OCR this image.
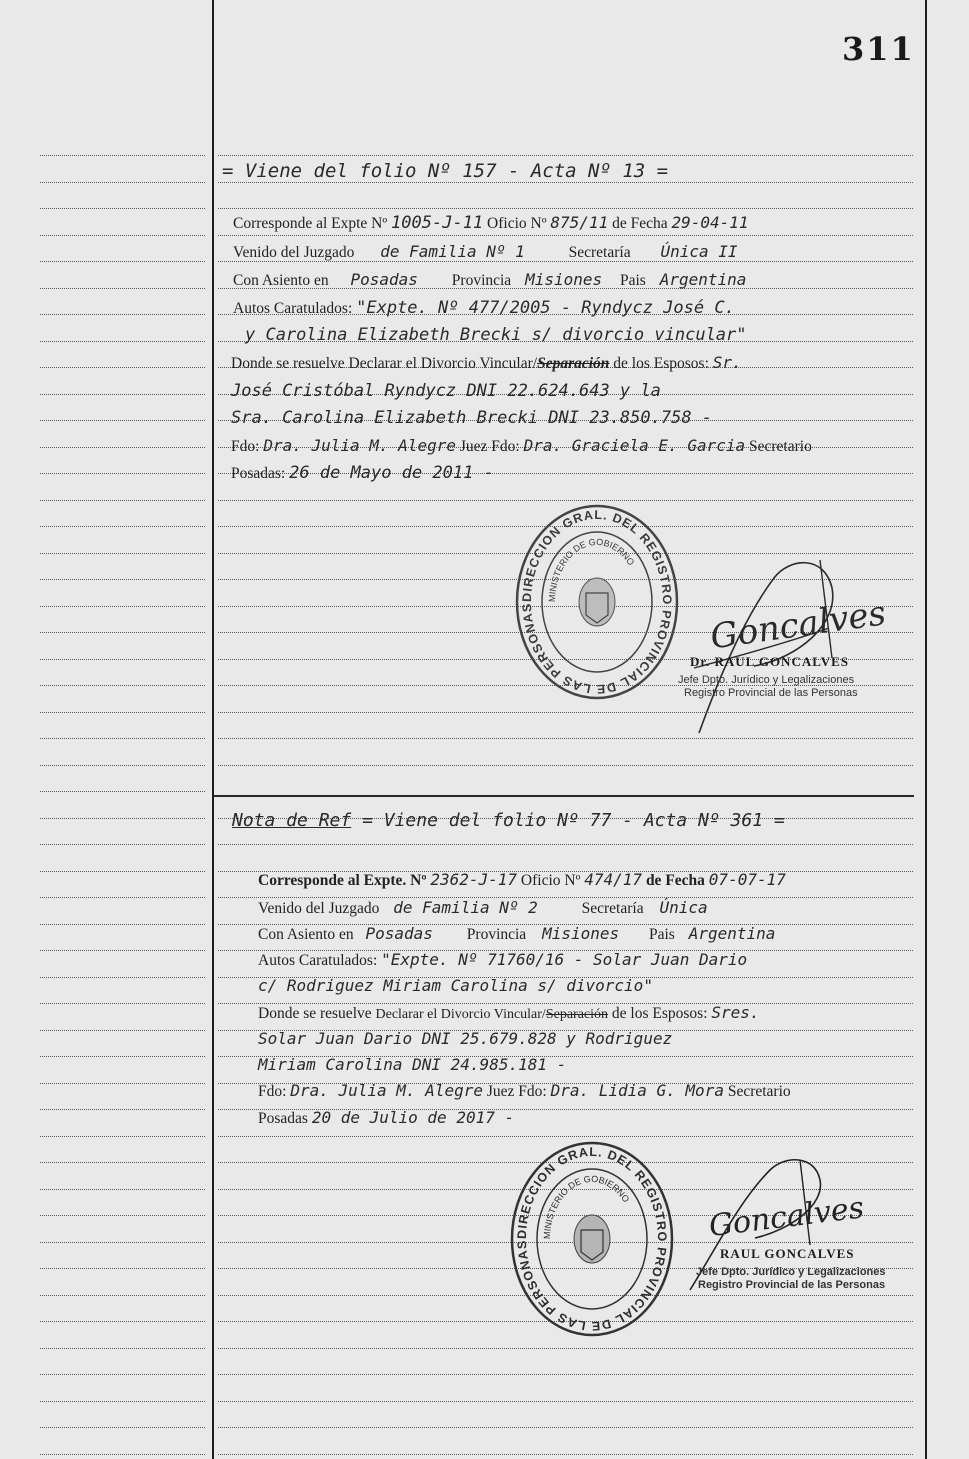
311
= Viene del folio Nº 157 - Acta Nº 13 =
Corresponde al Expte Nº 1005-J-11 Oficio Nº 875/11 de Fecha 29-04-11
Venido del Juzgado de Familia Nº 1	Secretaría Única II
Con Asiento en Posadas Provincia Misiones Pais Argentina
Autos Caratulados: "Expte. Nº 477/2005 - Ryndycz José C.
y Carolina Elizabeth Brecki s/ divorcio vincular"
Donde se resuelve Declarar el Divorcio Vincular/Separación de los Esposos: Sr.
José Cristóbal Ryndycz DNI 22.624.643 y la
Sra. Carolina Elizabeth Brecki DNI 23.850.758 -
Fdo: Dra. Julia M. Alegre Juez Fdo: Dra. Graciela E. Garcia Secretario
Posadas: 26 de Mayo de 2011 -
DIRECCION GRAL. DEL REGISTRO PROVINCIAL DE LAS PERSONAS
MINISTERIO DE GOBIERNO
Goncalves
Dr. RAUL GONCALVES
Jefe Dpto. Jurídico y Legalizaciones
Registro Provincial de las Personas
Nota de Ref = Viene del folio Nº 77 - Acta Nº 361 =
Corresponde al Expte. Nº 2362-J-17 Oficio Nº 474/17 de Fecha 07-07-17
Venido del Juzgado de Familia Nº 2	Secretaría Única
Con Asiento en Posadas Provincia Misiones Pais Argentina
Autos Caratulados: "Expte. Nº 71760/16 - Solar Juan Dario
c/ Rodriguez Miriam Carolina s/ divorcio"
Donde se resuelve Declarar el Divorcio Vincular/Separación de los Esposos: Sres.
Solar Juan Dario DNI 25.679.828 y Rodriguez
Miriam Carolina DNI 24.985.181 -
Fdo: Dra. Julia M. Alegre Juez Fdo: Dra. Lidia G. Mora Secretario
Posadas 20 de Julio de 2017 -
DIRECCION GRAL. DEL REGISTRO PROVINCIAL DE LAS PERSONAS
MINISTERIO DE GOBIERNO	Goncalves
RAUL GONCALVES
Jefe Dpto. Jurídico y Legalizaciones
Registro Provincial de las Personas
